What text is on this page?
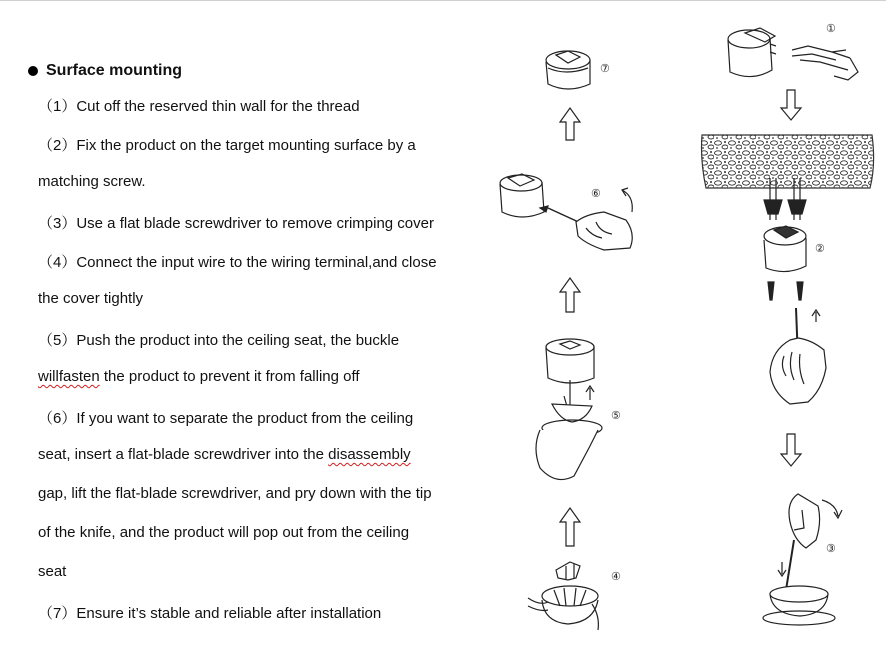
Surface mounting
（1）Cut off the reserved thin wall for the thread
（2）Fix the product on the target mounting surface by a
matching screw.
（3）Use a flat blade screwdriver to remove crimping cover
（4）Connect the input wire to the wiring terminal,and close
the cover tightly
（5）Push the product into the ceiling seat, the buckle
willfasten the product to prevent it from falling off
（6）If you want to separate the product from the ceiling
seat, insert a flat-blade screwdriver into the disassembly
gap, lift the flat-blade screwdriver, and pry down with the tip
of the knife, and the product will pop out from the ceiling
seat
（7）Ensure it’s stable and reliable after installation
①
②
③
④
⑤
⑥
⑦
